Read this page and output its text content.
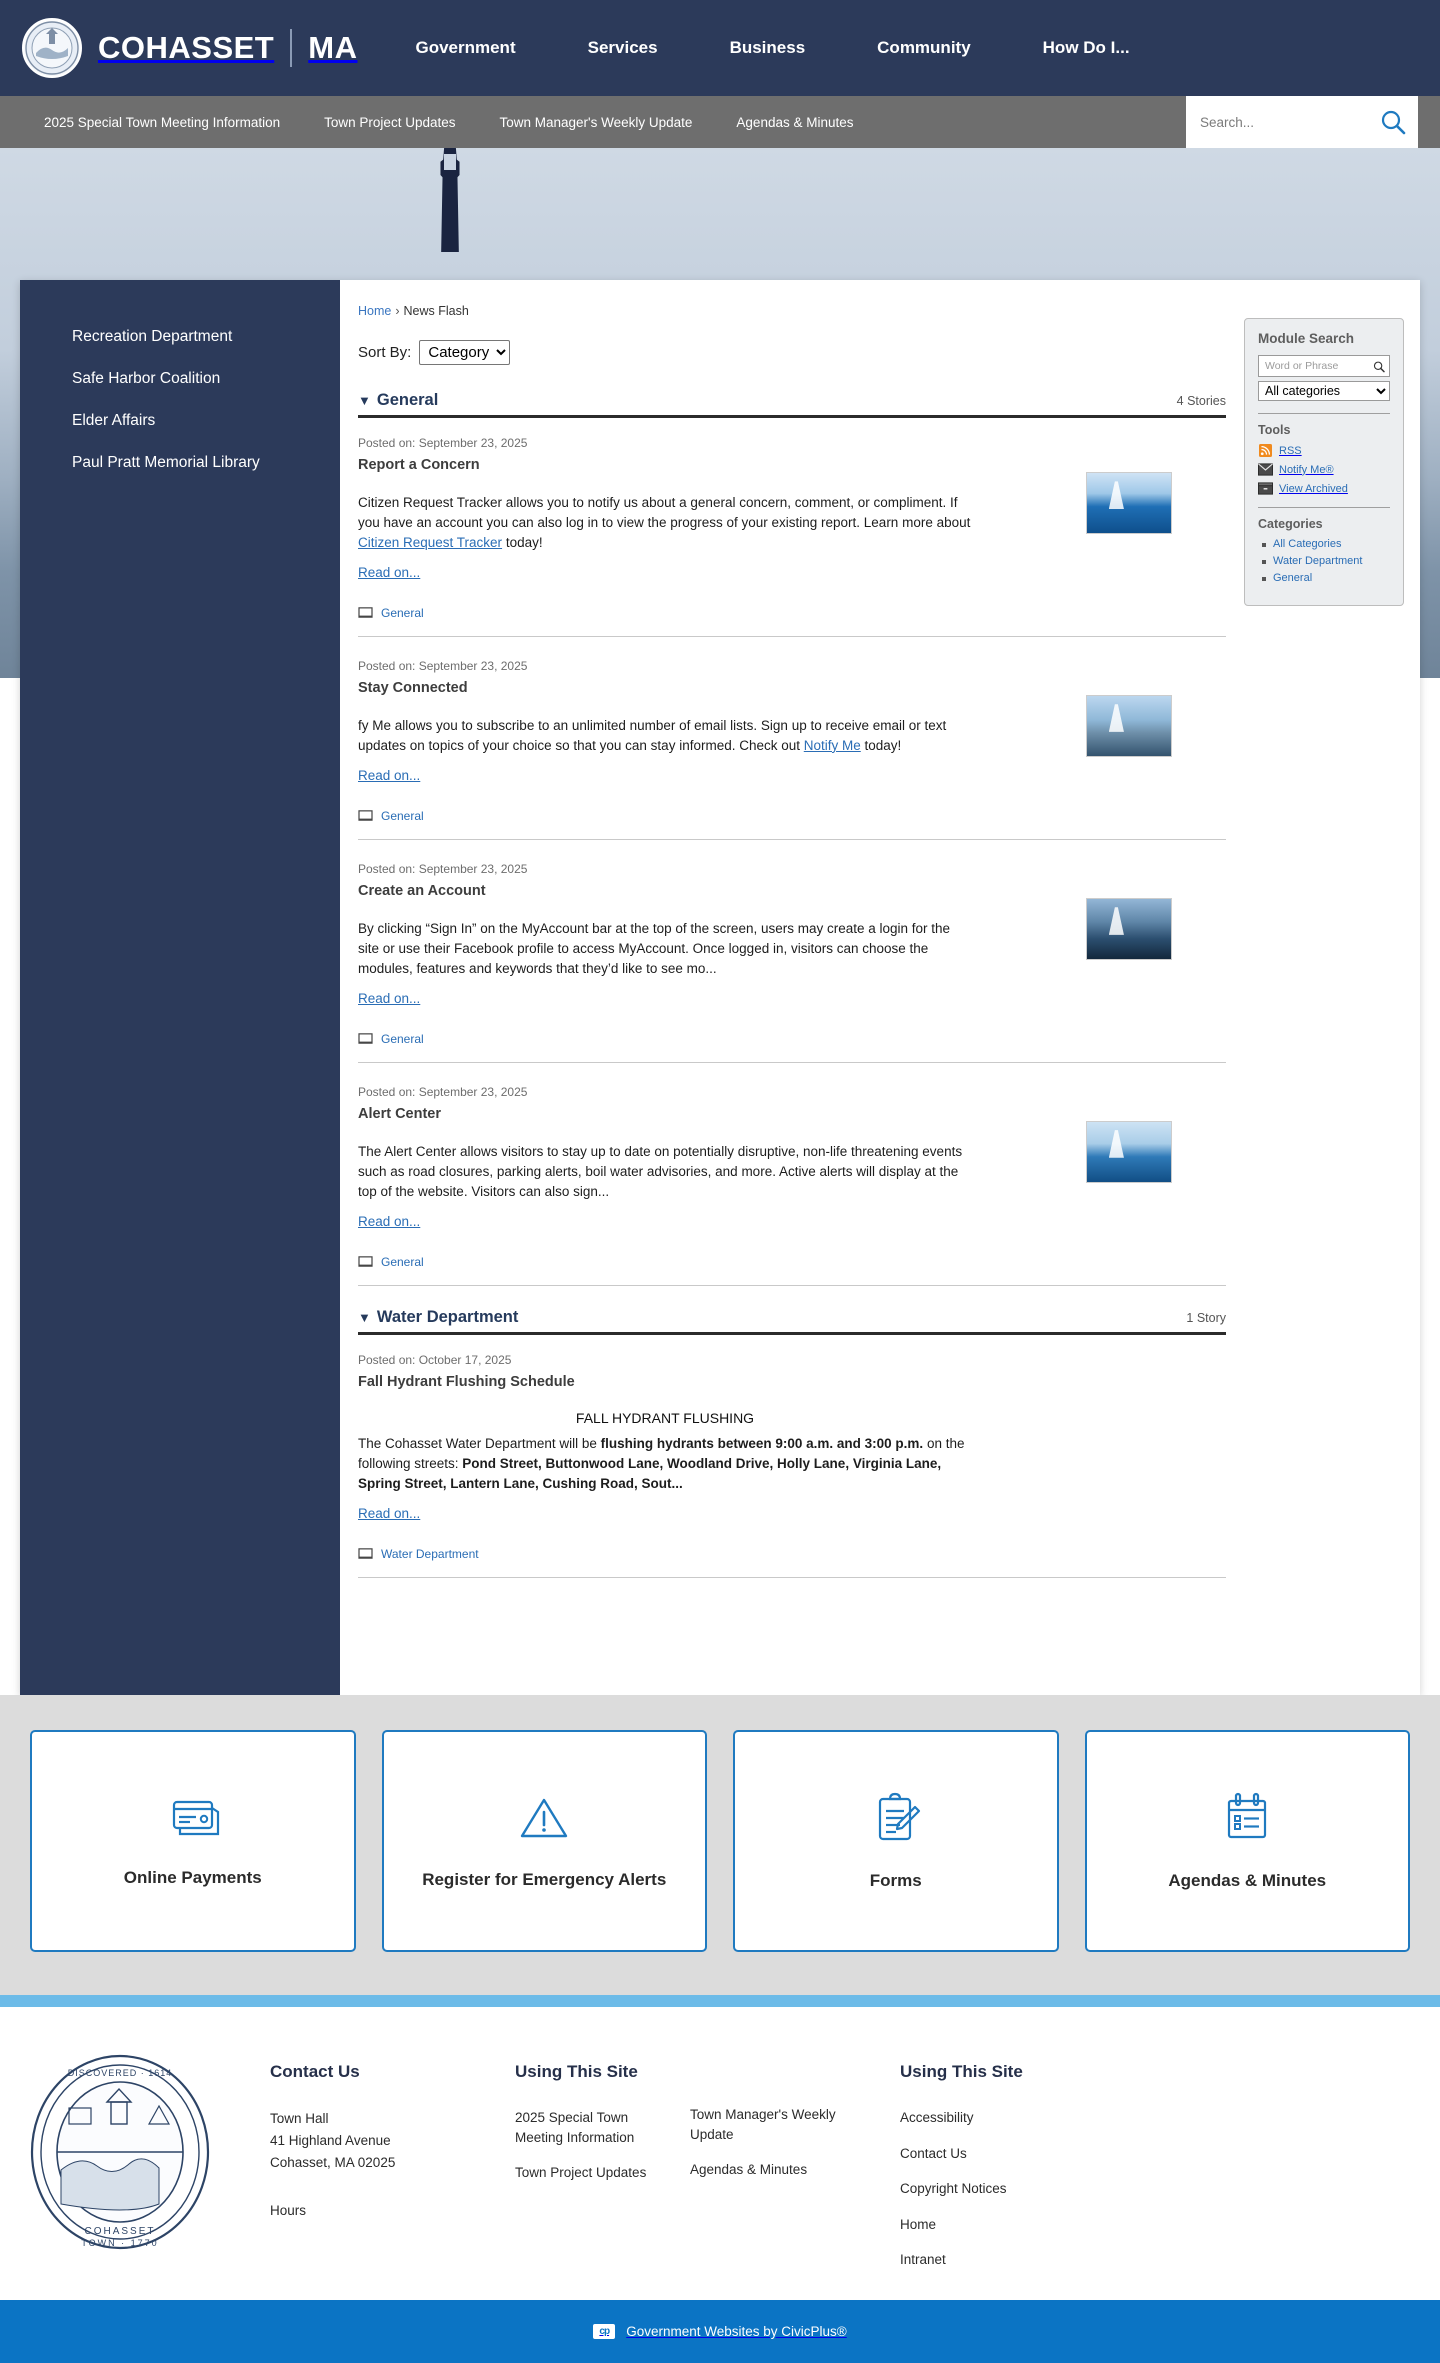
COHASSET MA	Government	Services	Business	Community	How Do I...
2025 Special Town Meeting Information	Town Project Updates	Town Manager's Weekly Update	Agendas & Minutes
Search...
Recreation Department
Safe Harbor Coalition
Elder Affairs
Paul Pratt Memorial Library
Home › News Flash
Sort By:
Category
▼ General	4 Stories
Posted on: September 23, 2025
Report a Concern
Citizen Request Tracker allows you to notify us about a general concern, comment, or compliment. If you have an account you can also log in to view the progress of your existing report. Learn more about Citizen Request Tracker today!
Read on...
General
Posted on: September 23, 2025
Stay Connected
fy Me allows you to subscribe to an unlimited number of email lists. Sign up to receive email or text updates on topics of your choice so that you can stay informed. Check out Notify Me today!
Read on...
General
Posted on: September 23, 2025
Create an Account
By clicking “Sign In” on the MyAccount bar at the top of the screen, users may create a login for the site or use their Facebook profile to access MyAccount. Once logged in, visitors can choose the modules, features and keywords that they’d like to see mo...
Read on...
General
Posted on: September 23, 2025
Alert Center
The Alert Center allows visitors to stay up to date on potentially disruptive, non-life threatening events such as road closures, parking alerts, boil water advisories, and more. Active alerts will display at the top of the website. Visitors can also sign...
Read on...
General
▼ Water Department	1 Story
Posted on: October 17, 2025
Fall Hydrant Flushing Schedule

FALL HYDRANT FLUSHING

The Cohasset Water Department will be flushing hydrants between 9:00 a.m. and 3:00 p.m. on the following streets: Pond Street, Buttonwood Lane, Woodland Drive, Holly Lane, Virginia Lane, Spring Street, Lantern Lane, Cushing Road, Sout...
Read on...
Water Department
Module Search
Word or Phrase
All categories
Tools
RSS
Notify Me®
View Archived
Categories
All Categories
Water Department
General
Online Payments	Register for Emergency Alerts	Forms	Agendas & Minutes
DISCOVERED · 1614
COHASSET
TOWN · 1770
Contact Us
Town Hall
41 Highland Avenue
Cohasset, MA 02025
Hours
Using This Site
2025 Special Town Meeting Information
Town Project Updates
Town Manager's Weekly Update
Agendas & Minutes
Using This Site
Accessibility
Contact Us
Copyright Notices
Home
Intranet
cp	Government Websites by CivicPlus®
